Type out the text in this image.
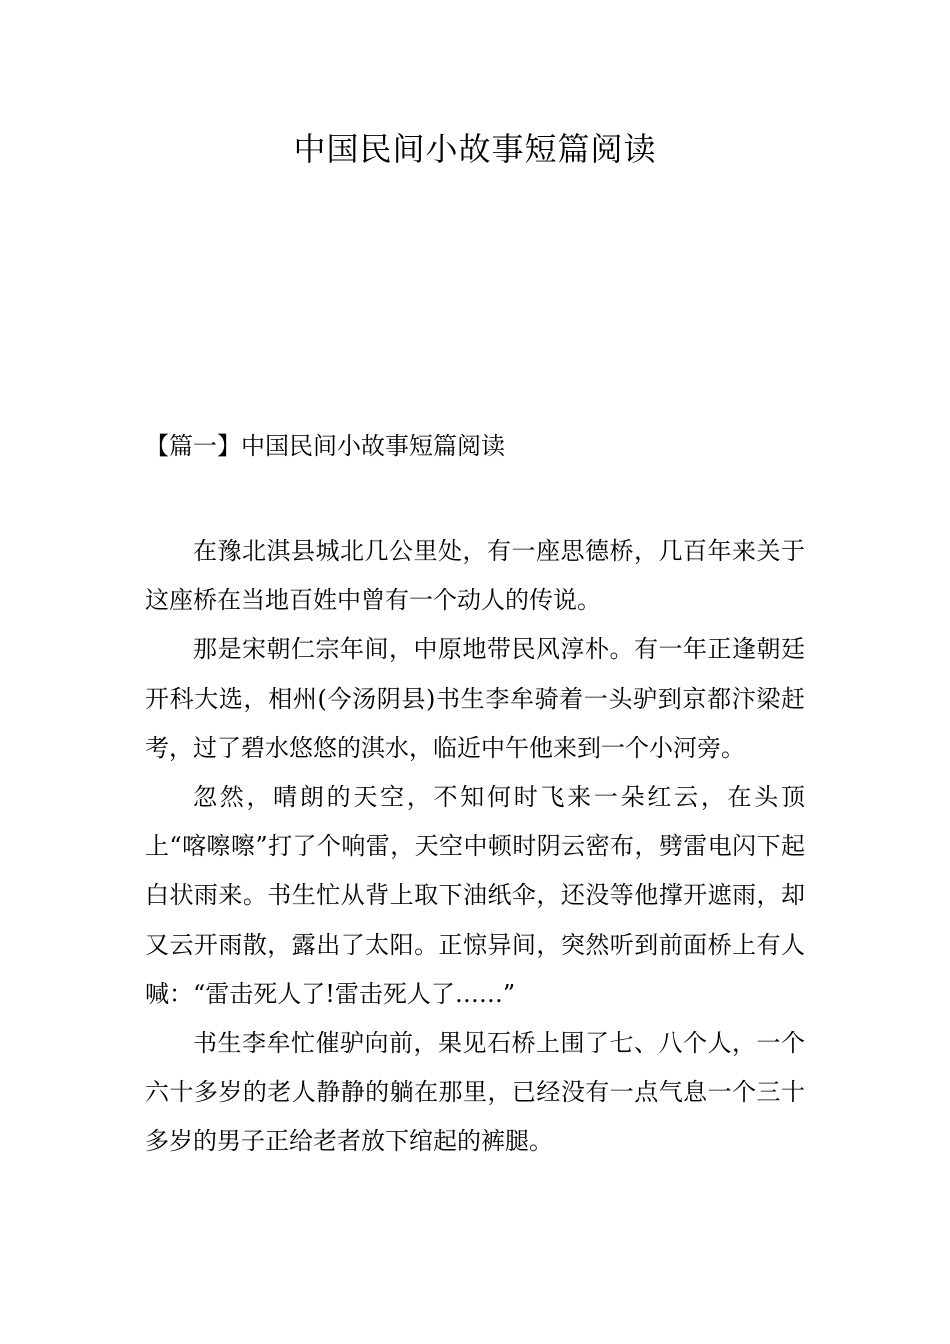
中国民间小故事短篇阅读
【篇一】中国民间小故事短篇阅读

在豫北淇县城北几公里处，有一座思德桥，几百年来关于这座桥在当地百姓中曾有一个动人的传说。

那是宋朝仁宗年间，中原地带民风淳朴。有一年正逢朝廷开科大选，相州(今汤阴县)书生李牟骑着一头驴到京都汴梁赶考，过了碧水悠悠的淇水，临近中午他来到一个小河旁。

忽然，晴朗的天空，不知何时飞来一朵红云，在头顶上“喀嚓嚓”打了个响雷，天空中顿时阴云密布，劈雷电闪下起白状雨来。书生忙从背上取下油纸伞，还没等他撑开遮雨，却又云开雨散，露出了太阳。正惊异间，突然听到前面桥上有人喊：“雷击死人了!雷击死人了……”

书生李牟忙催驴向前，果见石桥上围了七、八个人，一个六十多岁的老人静静的躺在那里，已经没有一点气息一个三十多岁的男子正给老者放下绾起的裤腿。
